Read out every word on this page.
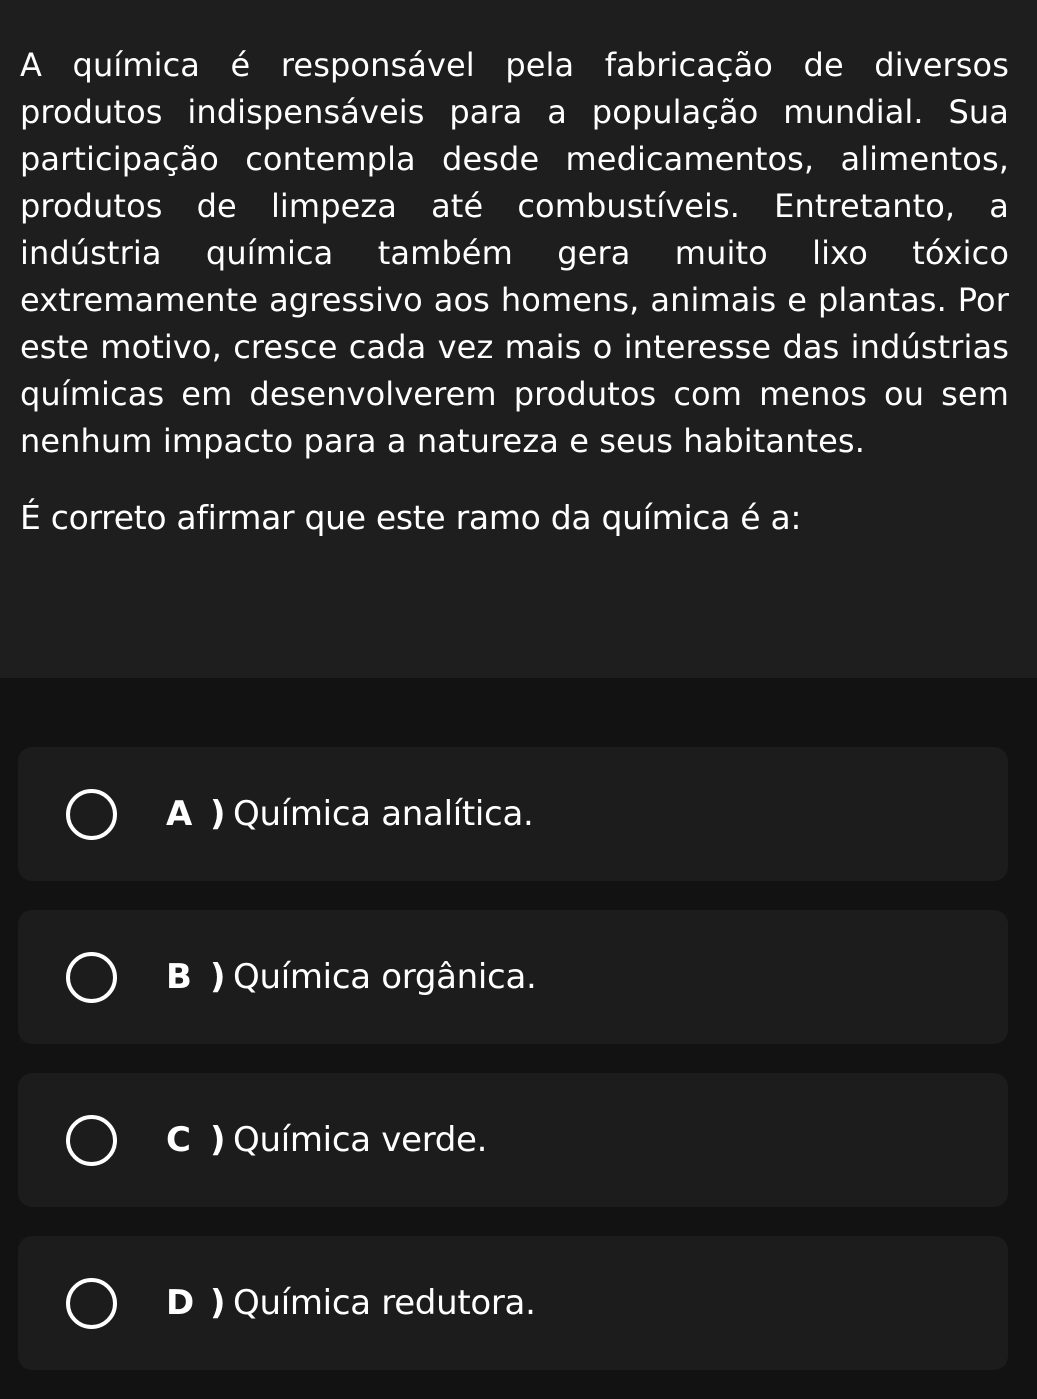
A química é responsável pela fabricação de diversos produtos indispensáveis para a população mundial. Sua participação contempla desde medicamentos, alimentos, produtos de limpeza até combustíveis. Entretanto, a indústria química também gera muito lixo tóxico extremamente agressivo aos homens, animais e plantas. Por este motivo, cresce cada vez mais o interesse das indústrias químicas em desenvolverem produtos com menos ou sem nenhum impacto para a natureza e seus habitantes.

É correto afirmar que este ramo da química é a:

A ) Química analítica.
B ) Química orgânica.
C ) Química verde.
D ) Química redutora.
